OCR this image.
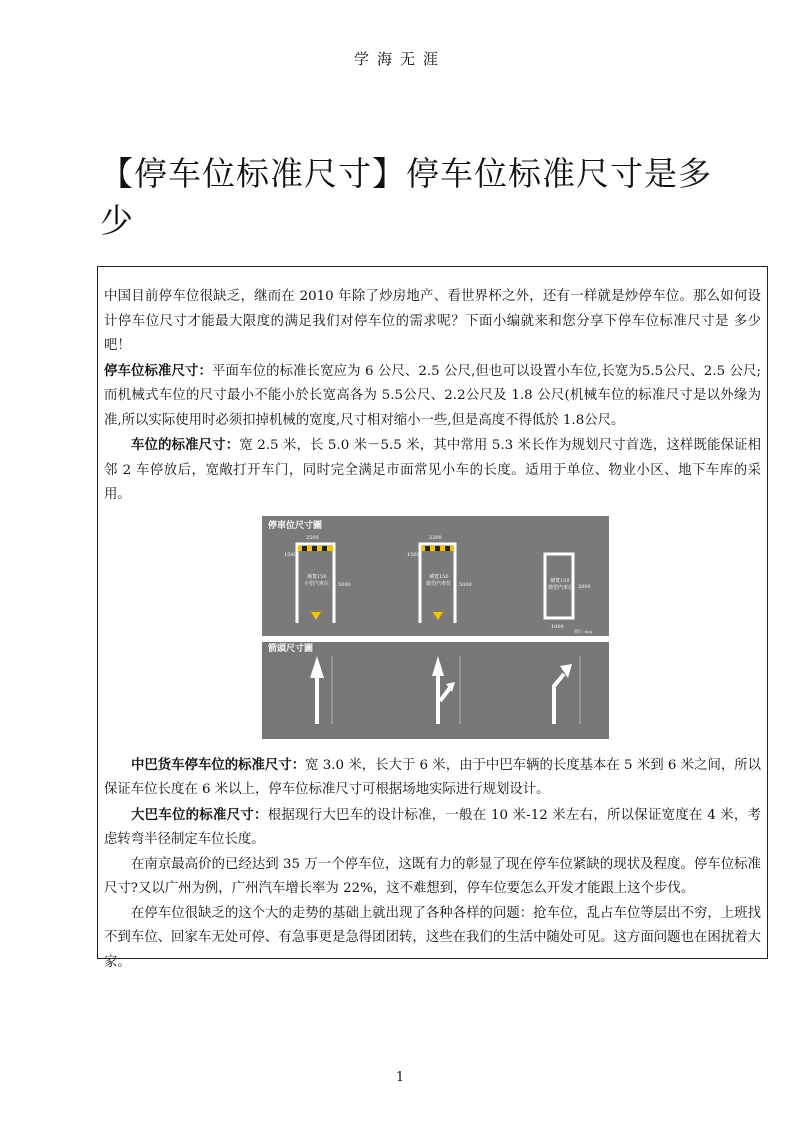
学海无涯
【停车位标准尺寸】停车位标准尺寸是多少

中国目前停车位很缺乏，继而在 2010 年除了炒房地产、看世界杯之外，还有一样就是炒停车位。那么如何设计停车位尺寸才能最大限度的满足我们对停车位的需求呢？下面小编就来和您分享下停车位标准尺寸是 多少吧！

停车位标准尺寸：平面车位的标准长宽应为 6 公尺、2.5 公尺,但也可以设置小车位,长宽为5.5公尺、2.5 公尺;而机械式车位的尺寸最小不能小於长宽高各为 5.5公尺、2.2公尺及 1.8 公尺(机械车位的标准尺寸是以外缘为准,所以实际使用时必须扣掉机械的宽度,尺寸相对缩小一些,但是高度不得低於 1.8公尺。

车位的标准尺寸：宽 2.5 米，长 5.0 米－5.5 米，其中常用 5.3 米长作为规划尺寸首选，这样既能保证相邻 2 车停放后，宽敞打开车门，同时完全满足市面常见小车的长度。适用于单位、物业小区、地下车库的采用。

停車位尺寸圖
箭頭尺寸圖
2500
5000
1500
補寬150
小型汽車位
2200
5000
1500
補寬150
微型汽車位
1000
2000
補寬150
微型汽車位
單位: mm

中巴货车停车位的标准尺寸：宽 3.0 米，长大于 6 米，由于中巴车辆的长度基本在 5 米到 6 米之间，所以保证车位长度在 6 米以上，停车位标准尺寸可根据场地实际进行规划设计。

大巴车位的标准尺寸：根据现行大巴车的设计标准，一般在 10 米-12 米左右，所以保证宽度在 4 米，考虑转弯半径制定车位长度。

在南京最高价的已经达到 35 万一个停车位，这既有力的彰显了现在停车位紧缺的现状及程度。停车位标准尺寸?又以广州为例，广州汽车增长率为 22%，这不难想到，停车位要怎么开发才能跟上这个步伐。

在停车位很缺乏的这个大的走势的基础上就出现了各种各样的问题：抢车位，乱占车位等层出不穷，上班找不到车位、回家车无处可停、有急事更是急得团团转，这些在我们的生活中随处可见。这方面问题也在困扰着大家。

1
